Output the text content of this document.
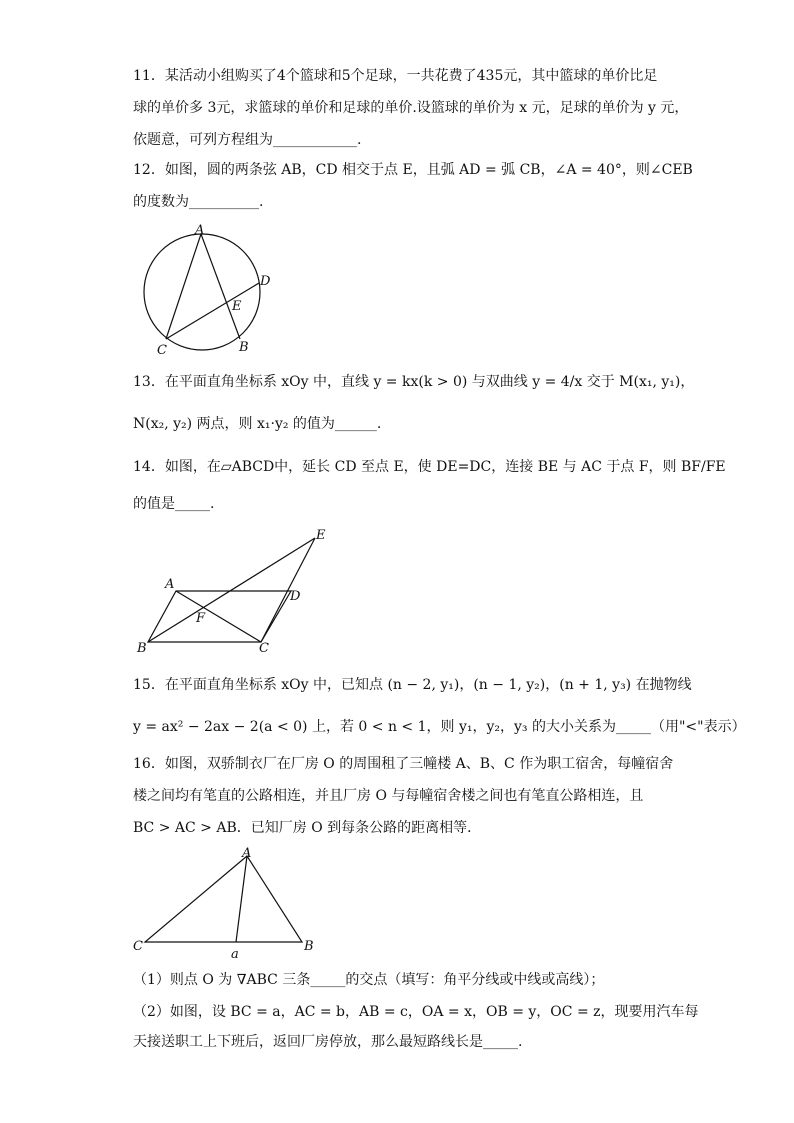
11．某活动小组购买了4个篮球和5个足球，一共花费了435元，其中篮球的单价比足
球的单价多 3元，求篮球的单价和足球的单价.设篮球的单价为 x 元，足球的单价为 y 元，
依题意，可列方程组为____________.
12．如图，圆的两条弦 AB，CD 相交于点 E，且弧 AD = 弧 CB，∠A = 40°，则∠CEB
的度数为__________.
A
D
E
C	B
13．在平面直角坐标系 xOy 中，直线 y = kx(k > 0) 与双曲线 y = 4/x 交于 M(x₁, y₁)，
N(x₂, y₂) 两点，则 x₁·y₂ 的值为______.
14．如图，在▱ABCD中，延长 CD 至点 E，使 DE=DC，连接 BE 与 AC 于点 F，则 BF/FE
的值是_____.
E
A
D
F
B	C
15．在平面直角坐标系 xOy 中，已知点 (n − 2, y₁)，(n − 1, y₂)，(n + 1, y₃) 在抛物线
y = ax² − 2ax − 2(a < 0) 上，若 0 < n < 1，则 y₁，y₂，y₃ 的大小关系为_____（用"<"表示）
16．如图，双骄制衣厂在厂房 O 的周围租了三幢楼 A、B、C 作为职工宿舍，每幢宿舍
楼之间均有笔直的公路相连，并且厂房 O 与每幢宿舍楼之间也有笔直公路相连，且
BC > AC > AB．已知厂房 O 到每条公路的距离相等．
A
C	B
a
（1）则点 O 为 ∇ABC 三条_____的交点（填写：角平分线或中线或高线）；
（2）如图，设 BC = a，AC = b，AB = c，OA = x，OB = y，OC = z，现要用汽车每
天接送职工上下班后，返回厂房停放，那么最短路线长是_____.
